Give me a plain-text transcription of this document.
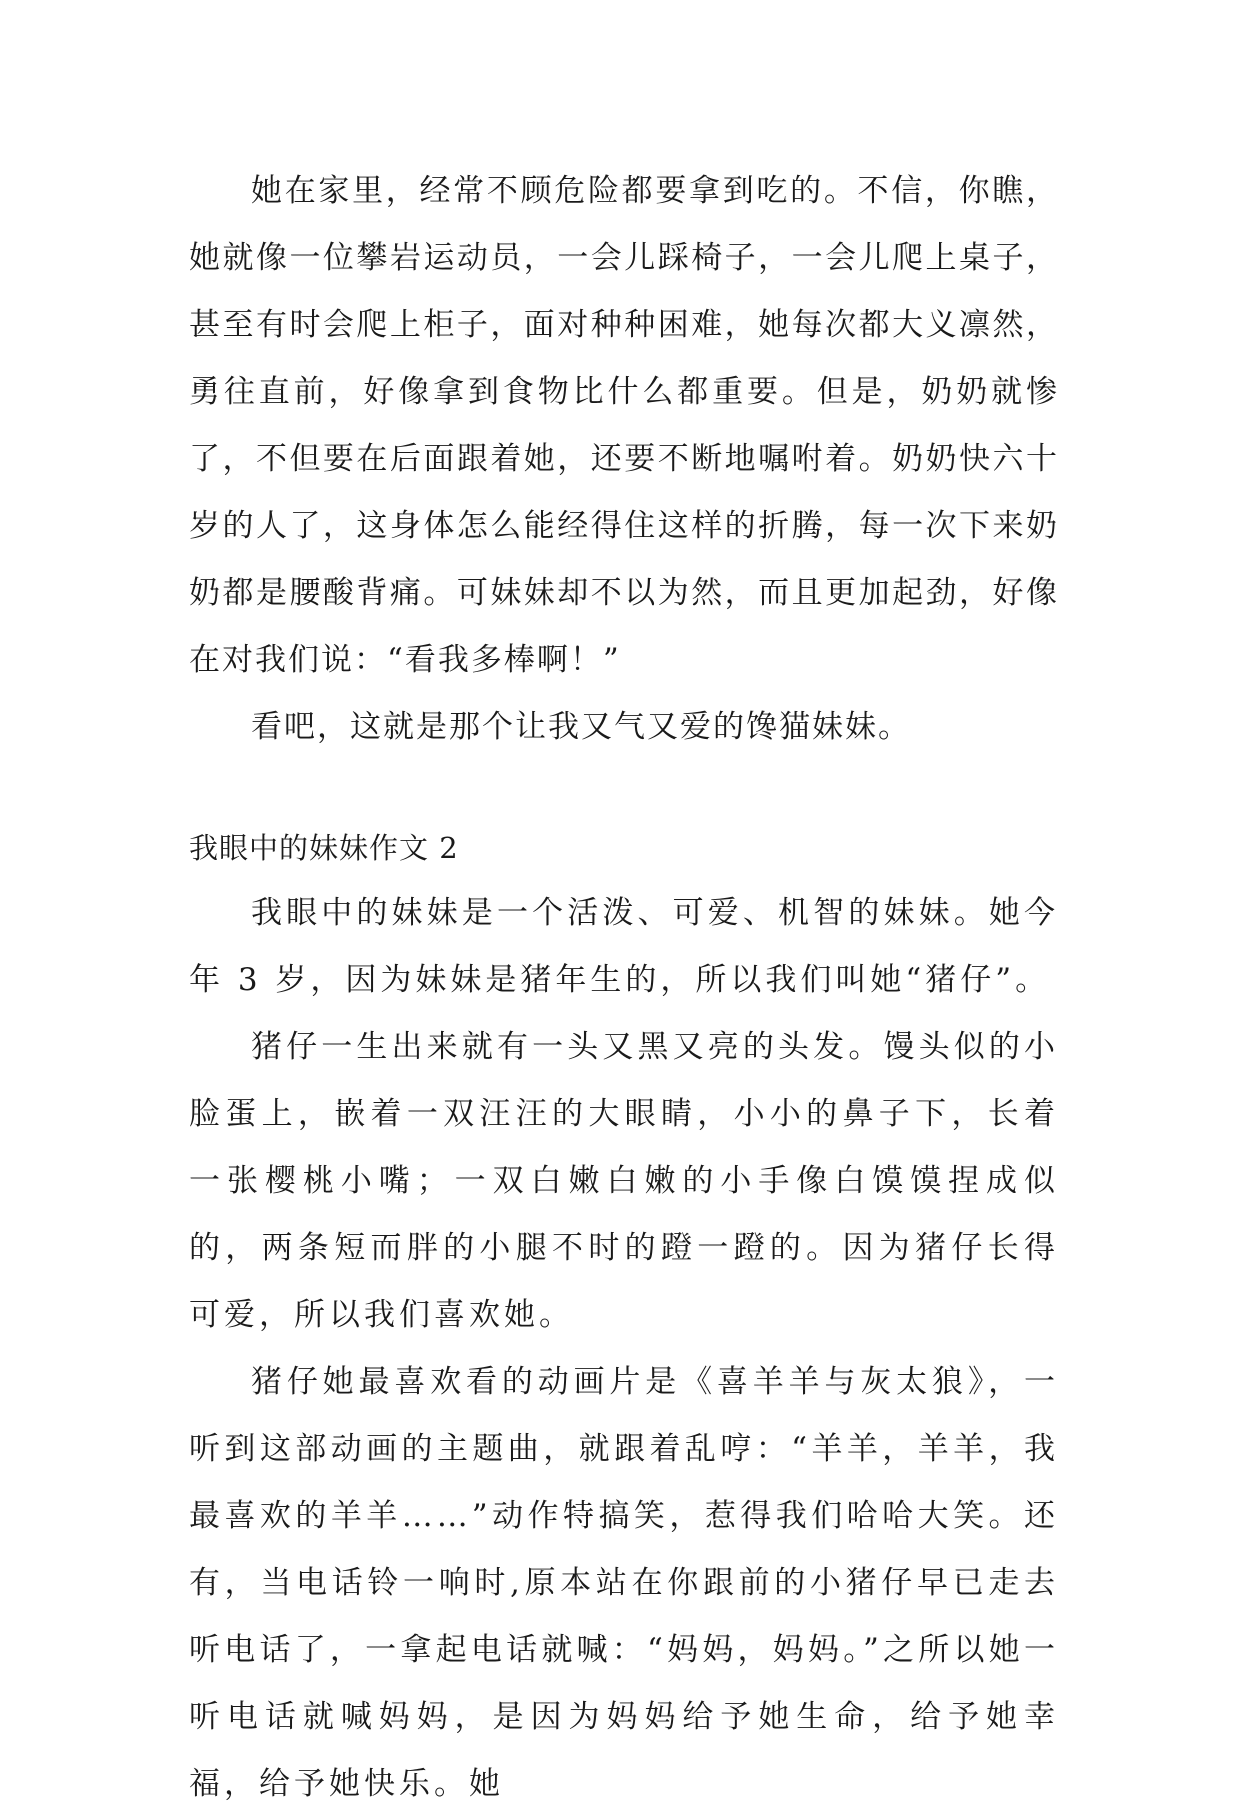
她在家里，经常不顾危险都要拿到吃的。不信，你瞧，她就像一位攀岩运动员，一会儿踩椅子，一会儿爬上桌子，甚至有时会爬上柜子，面对种种困难，她每次都大义凛然，勇往直前，好像拿到食物比什么都重要。但是，奶奶就惨了，不但要在后面跟着她，还要不断地嘱咐着。奶奶快六十岁的人了，这身体怎么能经得住这样的折腾，每一次下来奶奶都是腰酸背痛。可妹妹却不以为然，而且更加起劲，好像在对我们说：“看我多棒啊！”

看吧，这就是那个让我又气又爱的馋猫妹妹。

我眼中的妹妹作文 2

我眼中的妹妹是一个活泼、可爱、机智的妹妹。她今年 3 岁，因为妹妹是猪年生的，所以我们叫她“猪仔”。

猪仔一生出来就有一头又黑又亮的头发。馒头似的小脸蛋上，嵌着一双汪汪的大眼睛，小小的鼻子下，长着一张樱桃小嘴；一双白嫩白嫩的小手像白馍馍捏成似的，两条短而胖的小腿不时的蹬一蹬的。因为猪仔长得可爱，所以我们喜欢她。

猪仔她最喜欢看的动画片是《喜羊羊与灰太狼》，一听到这部动画的主题曲，就跟着乱哼：“羊羊，羊羊，我最喜欢的羊羊……”动作特搞笑，惹得我们哈哈大笑。还有，当电话铃一响时,原本站在你跟前的小猪仔早已走去听电话了，一拿起电话就喊：“妈妈，妈妈。”之所以她一听电话就喊妈妈，是因为妈妈给予她生命，给予她幸福，给予她快乐。她
